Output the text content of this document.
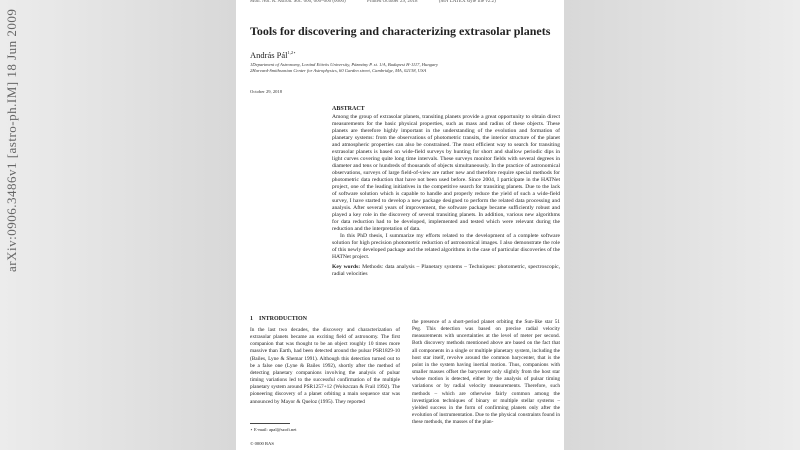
Mon. Not. R. Astron. Soc. 000, 000–000 (0000)	Printed October 29, 2018	(MN LATEX style file v2.2)
Tools for discovering and characterizing extrasolar planets
András Pál$^{1,2⋆}$
1Department of Astronomy, Loránd Eötvös University, Pázmány P. st. 1/A, Budapest H-1117, Hungary
2Harvard-Smithsonian Center for Astrophysics, 60 Garden street, Cambridge, MA, 02138, USA
October 29, 2018
ABSTRACT

Among the group of extrasolar planets, transiting planets provide a great opportunity to obtain direct measurements for the basic physical properties, such as mass and radius of these objects. These planets are therefore highly important in the understanding of the evolution and formation of planetary systems: from the observations of photometric transits, the interior structure of the planet and atmospheric properties can also be constrained. The most efficient way to search for transiting extrasolar planets is based on wide-field surveys by hunting for short and shallow periodic dips in light curves covering quite long time intervals. These surveys monitor fields with several degrees in diameter and tens or hundreds of thousands of objects simultaneously. In the practice of astronomical observations, surveys of large field-of-view are rather new and therefore require special methods for photometric data reduction that have not been used before. Since 2004, I participate in the HATNet project, one of the leading initiatives in the competitive search for transiting planets. Due to the lack of software solution which is capable to handle and properly reduce the yield of such a wide-field survey, I have started to develop a new package designed to perform the related data processing and analysis. After several years of improvement, the software package became sufficiently robust and played a key role in the discovery of several transiting planets. In addition, various new algorithms for data reduction had to be developed, implemented and tested which were relevant during the reduction and the interpretation of data.

In this PhD thesis, I summarize my efforts related to the development of a complete software solution for high precision photometric reduction of astronomical images. I also demonstrate the role of this newly developed package and the related algorithms in the case of particular discoveries of the HATNet project.

Key words: Methods: data analysis – Planetary systems – Techniques: photometric, spectroscopic, radial velocities

1 INTRODUCTION
In the last two decades, the discovery and characterization of extrasolar planets became an exciting field of astronomy. The first companion that was thought to be an object roughly 10 times more massive than Earth, had been detected around the pulsar PSR1829-10 (Bailes, Lyne & Shemar 1991). Although this detection turned out to be a false one (Lyne & Bailes 1992), shortly after the method of detecting planetary companions involving the analysis of pulsar timing variations led to the successful confirmation of the multiple planetary system around PSR1257+12 (Wolszczan & Frail 1992). The pioneering discovery of a planet orbiting a main sequence star was announced by Mayor & Queloz (1995). They reported
the presence of a short-period planet orbiting the Sun-like star 51 Peg. This detection was based on precise radial velocity measurements with uncertainties at the level of meter per second. Both discovery methods mentioned above are based on the fact that all components in a single or multiple planetary system, including the host star itself, revolve around the common barycenter, that is the point in the system having inertial motion. Thus, companions with smaller masses offset the barycenter only slightly from the host star whose motion is detected, either by the analysis of pulsar timing variations or by radial velocity measurements. Therefore, such methods – which are otherwise fairly common among the investigation techniques of binary or multiple stellar systems – yielded success in the form of confirming planets only after the evolution of instrumentation. Due to the physical constraints found in these methods, the masses of the plan-
⋆ E-mail: apal@szofi.net
© 0000 RAS
arXiv:0906.3486v1 [astro-ph.IM] 18 Jun 2009
